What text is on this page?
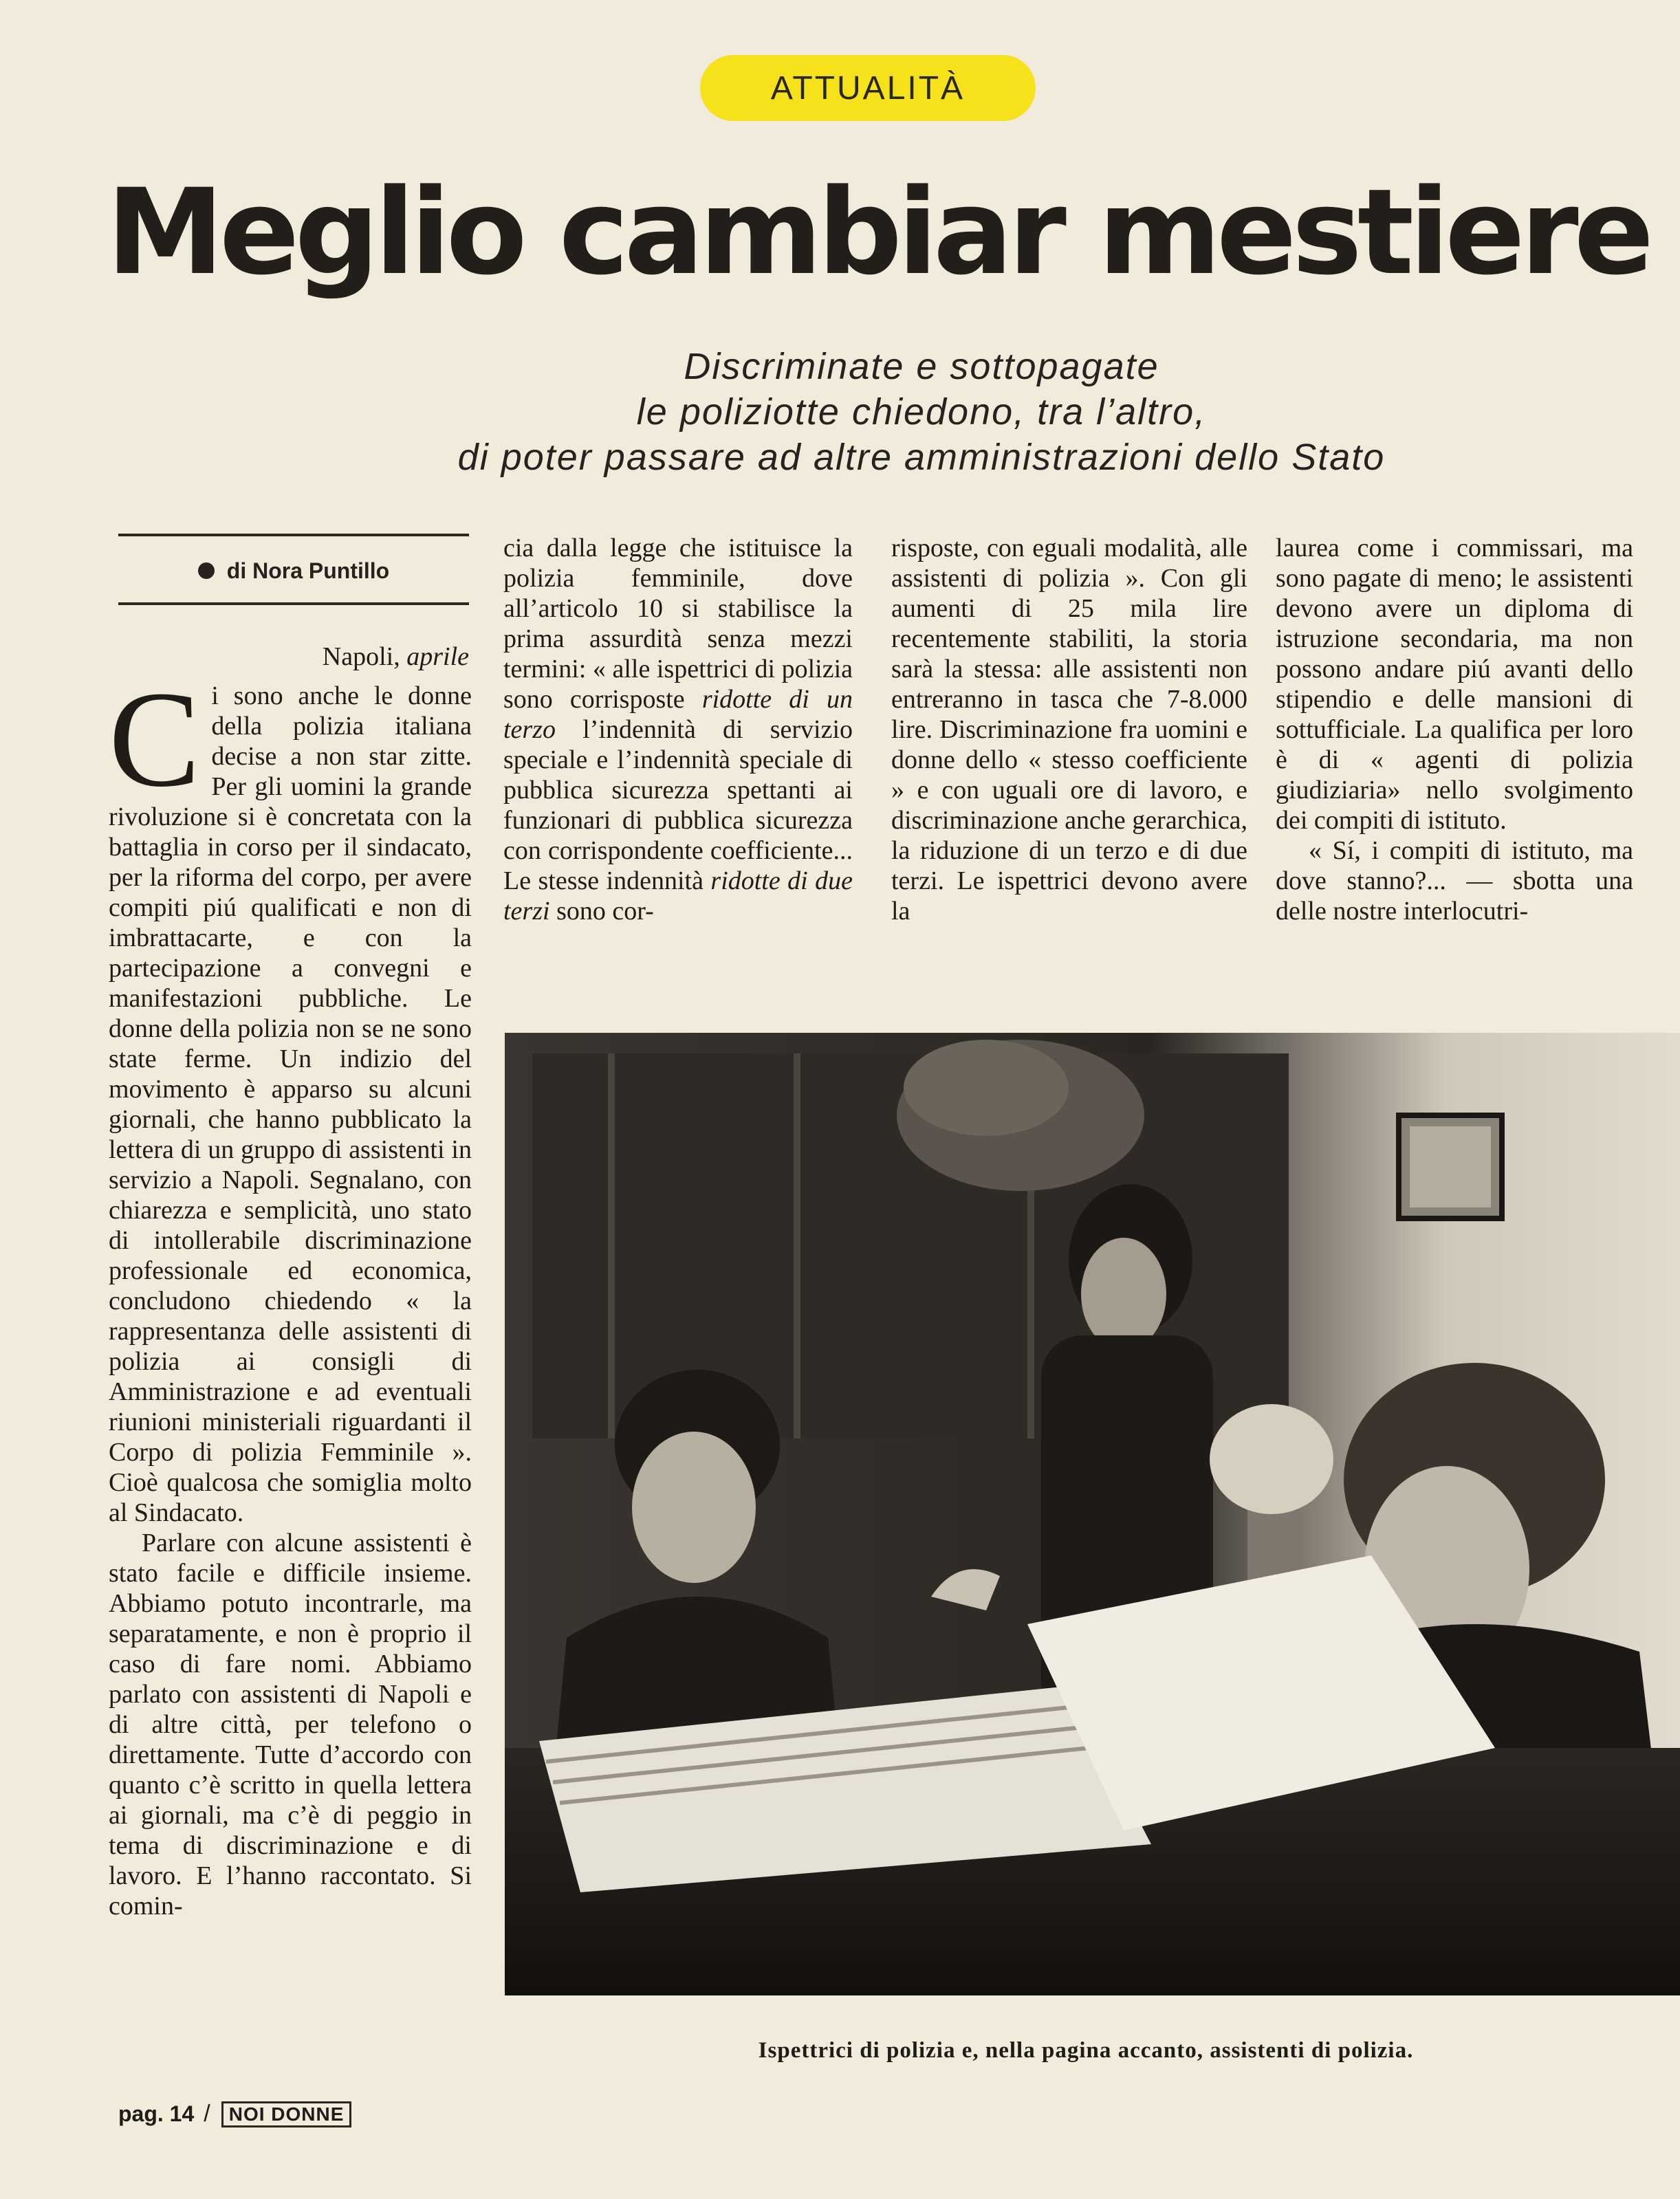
ATTUALITÀ
Meglio cambiar mestiere
Discriminate e sottopagate
le poliziotte chiedono, tra l’altro,
di poter passare ad altre amministrazioni dello Stato
di Nora Puntillo
Napoli, aprile

Ci sono anche le donne della polizia italiana decise a non star zitte. Per gli uomini la grande rivoluzione si è concretata con la battaglia in corso per il sindacato, per la riforma del corpo, per avere compiti piú qualificati e non di imbrattacarte, e con la partecipazione a convegni e manifestazioni pubbliche. Le donne della polizia non se ne sono state ferme. Un indizio del movimento è apparso su alcuni giornali, che hanno pubblicato la lettera di un gruppo di assistenti in servizio a Napoli. Segnalano, con chiarezza e semplicità, uno stato di intollerabile discriminazione professionale ed economica, concludono chiedendo « la rappresentanza delle assistenti di polizia ai consigli di Amministrazione e ad eventuali riunioni ministeriali riguardanti il Corpo di polizia Femminile ». Cioè qualcosa che somiglia molto al Sindacato.

Parlare con alcune assistenti è stato facile e difficile insieme. Abbiamo potuto incontrarle, ma separatamente, e non è proprio il caso di fare nomi. Abbiamo parlato con assistenti di Napoli e di altre città, per telefono o direttamente. Tutte d’accordo con quanto c’è scritto in quella lettera ai giornali, ma c’è di peggio in tema di discriminazione e di lavoro. E l’hanno raccontato. Si comin-

cia dalla legge che istituisce la polizia femminile, dove all’articolo 10 si stabilisce la prima assurdità senza mezzi termini: « alle ispettrici di polizia sono corrisposte ridotte di un terzo l’indennità di servizio speciale e l’indennità speciale di pubblica sicurezza spettanti ai funzionari di pubblica sicurezza con corrispondente coefficiente... Le stesse indennità ridotte di due terzi sono cor-

risposte, con eguali modalità, alle assistenti di polizia ». Con gli aumenti di 25 mila lire recentemente stabiliti, la storia sarà la stessa: alle assistenti non entreranno in tasca che 7-8.000 lire. Discriminazione fra uomini e donne dello « stesso coefficiente » e con uguali ore di lavoro, e discriminazione anche gerarchica, la riduzione di un terzo e di due terzi. Le ispettrici devono avere la

laurea come i commissari, ma sono pagate di meno; le assistenti devono avere un diploma di istruzione secondaria, ma non possono andare piú avanti dello stipendio e delle mansioni di sottufficiale. La qualifica per loro è di « agenti di polizia giudiziaria» nello svolgimento dei compiti di istituto.

« Sí, i compiti di istituto, ma dove stanno?... — sbotta una delle nostre interlocutri-

Ispettrici di polizia e, nella pagina accanto, assistenti di polizia.
pag. 14 / NOI DONNE
